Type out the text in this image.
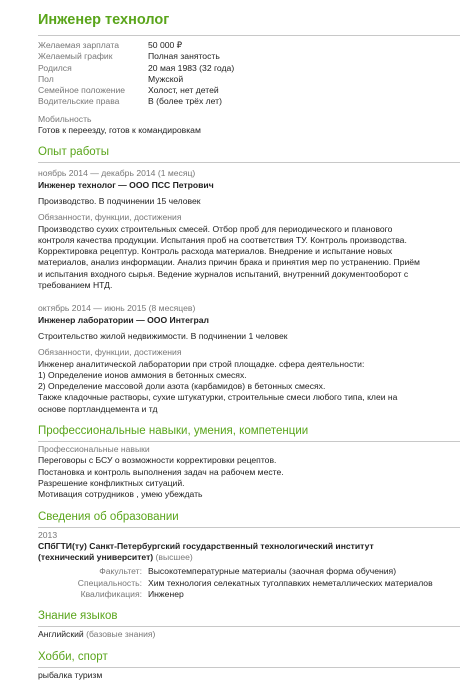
Инженер технолог
Желаемая зарплата	50 000 ₽
Желаемый график	Полная занятость
Родился	20 мая 1983 (32 года)
Пол	Мужской
Семейное положение	Холост, нет детей
Водительские права	B (более трёх лет)
Мобильность
Готов к переезду, готов к командировкам
Опыт работы
ноябрь 2014 — декабрь 2014 (1 месяц)
Инженер технолог — ООО ПСС Петрович
Производство. В подчинении 15 человек
Обязанности, функции, достижения
Производство сухих строительных смесей. Отбор проб для периодического и планового
контроля качества продукции. Испытания проб на соответствия ТУ. Контроль производства.
Корректировка рецептур. Контроль расхода материалов. Внедрение и испытание новых
материалов, анализ информации. Анализ причин брака и принятия мер по устранению. Приём
и испытания входного сырья. Ведение журналов испытаний, внутренний документооборот с
требованием НТД.
октябрь 2014 — июнь 2015 (8 месяцев)
Инженер лаборатории — ООО Интеграл
Строительство жилой недвижимости. В подчинении 1 человек
Обязанности, функции, достижения
Инженер аналитической лаборатории при строй площадке. сфера деятельности:
1) Определение ионов аммония в бетонных смесях.
2) Определение массовой доли азота (карбамидов) в бетонных смесях.
Также кладочные растворы, сухие штукатурки, строительные смеси любого типа, клеи на
основе портландцемента и тд
Профессиональные навыки, умения, компетенции
Профессиональные навыки
Переговоры с БСУ о возможности корректировки рецептов.
Постановка и контроль выполнения задач на рабочем месте.
Разрешение конфликтных ситуаций.
Мотивация сотрудников , умею убеждать
Сведения об образовании
2013
СПбГТИ(ту) Санкт-Петербургский государственный технологический институт
(технический университет) (высшее)
Факультет: Высокотемпературные материалы (заочная форма обучения)
Специальность: Хим технология селекатных туголпавких неметаллических материалов
Квалификация: Инженер
Знание языков
Английский (базовые знания)
Хобби, спорт
рыбалка туризм
